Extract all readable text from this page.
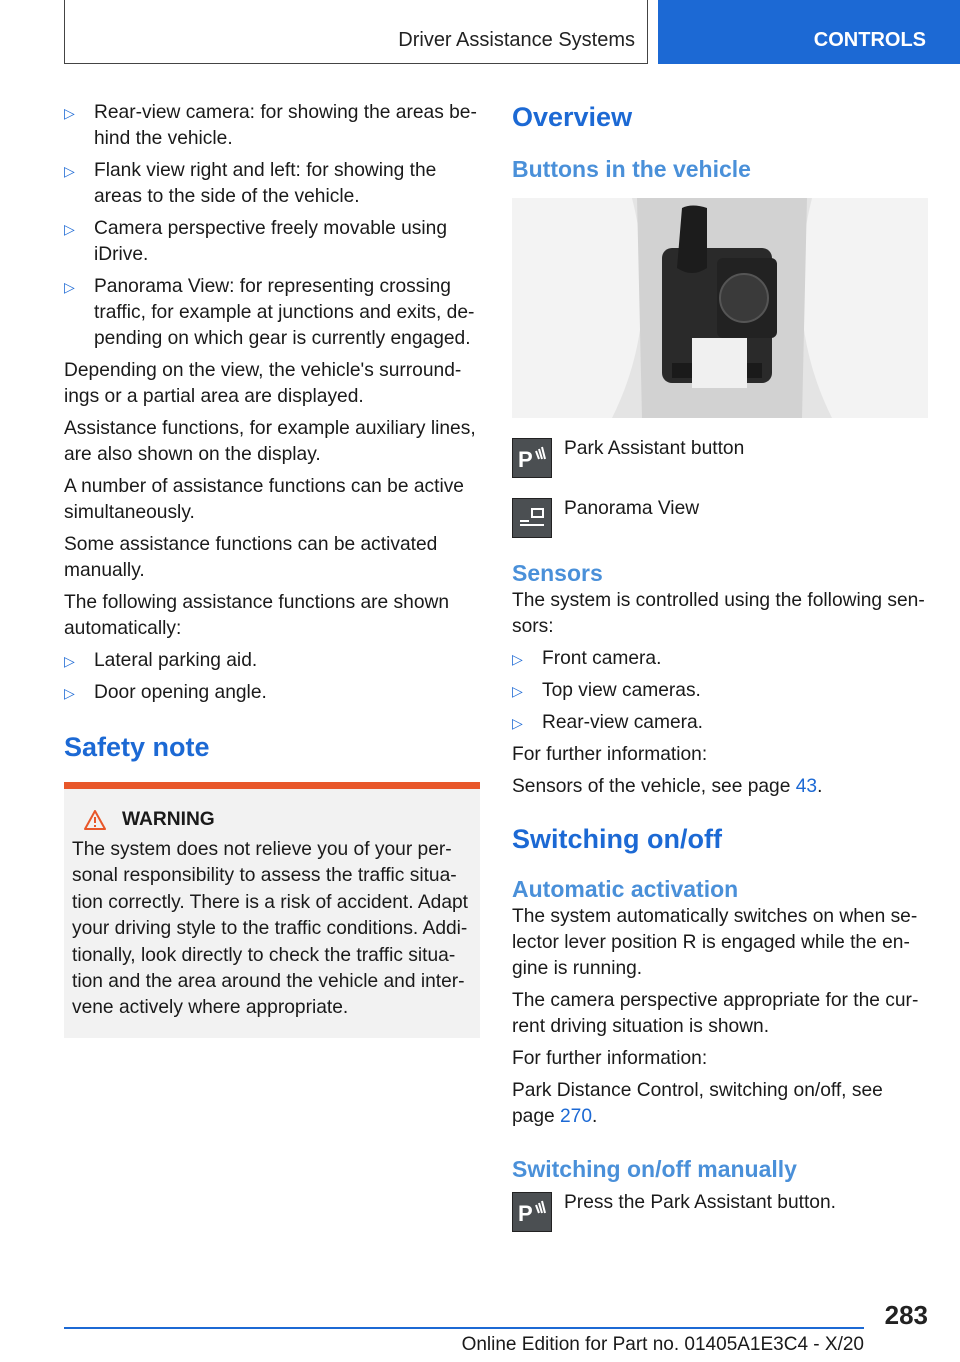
Driver Assistance Systems	CONTROLS
▷ Rear-view camera: for showing the areas be-hind the vehicle.
▷ Flank view right and left: for showing the areas to the side of the vehicle.
▷ Camera perspective freely movable using iDrive.
▷ Panorama View: for representing crossing traffic, for example at junctions and exits, de-pending on which gear is currently engaged.

Depending on the view, the vehicle's surround-ings or a partial area are displayed.

Assistance functions, for example auxiliary lines, are also shown on the display.

A number of assistance functions can be active simultaneously.

Some assistance functions can be activated manually.

The following assistance functions are shown automatically:

▷ Lateral parking aid.
▷ Door opening angle.
Safety note
WARNING

The system does not relieve you of your per-sonal responsibility to assess the traffic situa-tion correctly. There is a risk of accident. Adapt your driving style to the traffic conditions. Addi-tionally, look directly to check the traffic situa-tion and the area around the vehicle and inter-vene actively where appropriate.

Overview
Buttons in the vehicle
P Park Assistant button
Panorama View
Sensors

The system is controlled using the following sen-sors:

▷ Front camera.
▷ Top view cameras.
▷ Rear-view camera.

For further information:

Sensors of the vehicle, see page 43.

Switching on/off
Automatic activation

The system automatically switches on when se-lector lever position R is engaged while the en-gine is running.

The camera perspective appropriate for the cur-rent driving situation is shown.

For further information:

Park Distance Control, switching on/off, see page 270.

Switching on/off manually
P Press the Park Assistant button.
283
Online Edition for Part no. 01405A1E3C4 - X/20
